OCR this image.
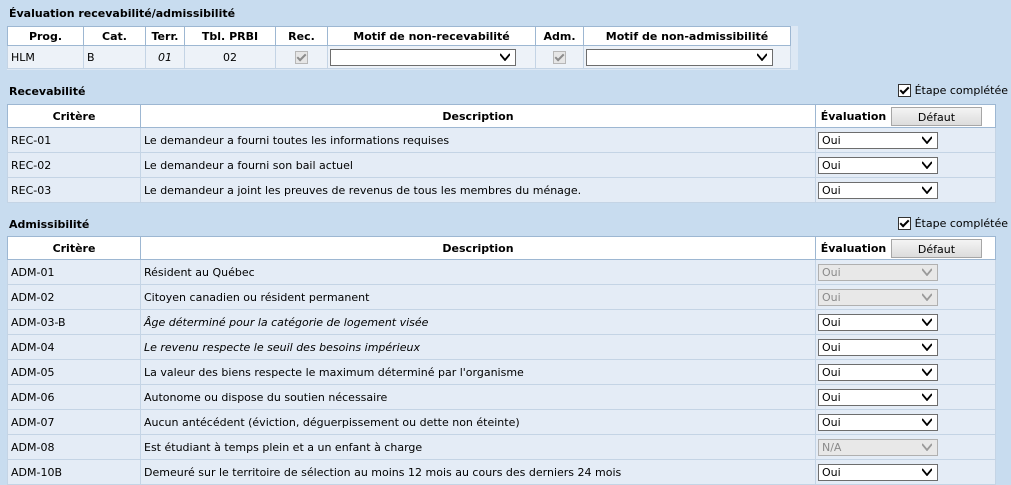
Évaluation recevabilité/admissibilité
Prog.	Cat.	Terr.	Tbl. PRBI	Rec.	Motif de non-recevabilité	Adm.	Motif de non-admissibilité
HLM	B	01	02		

Recevabilité	Étape complétée
Critère	Description	Évaluation Défaut

REC-01	Le demandeur a fourni toutes les informations requises	Oui

REC-02	Le demandeur a fourni son bail actuel	Oui

REC-03	Le demandeur a joint les preuves de revenus de tous les membres du ménage.	Oui
Admissibilité	Étape complétée
Critère	Description	Évaluation Défaut

ADM-01	Résident au Québec	Oui

ADM-02	Citoyen canadien ou résident permanent	Oui

ADM-03-B	Âge déterminé pour la catégorie de logement visée	Oui

ADM-04	Le revenu respecte le seuil des besoins impérieux	Oui

ADM-05	La valeur des biens respecte le maximum déterminé par l'organisme	Oui

ADM-06	Autonome ou dispose du soutien nécessaire	Oui

ADM-07	Aucun antécédent (éviction, déguerpissement ou dette non éteinte)	Oui

ADM-08	Est étudiant à temps plein et a un enfant à charge	N/A

ADM-10B	Demeuré sur le territoire de sélection au moins 12 mois au cours des derniers 24 mois	Oui
